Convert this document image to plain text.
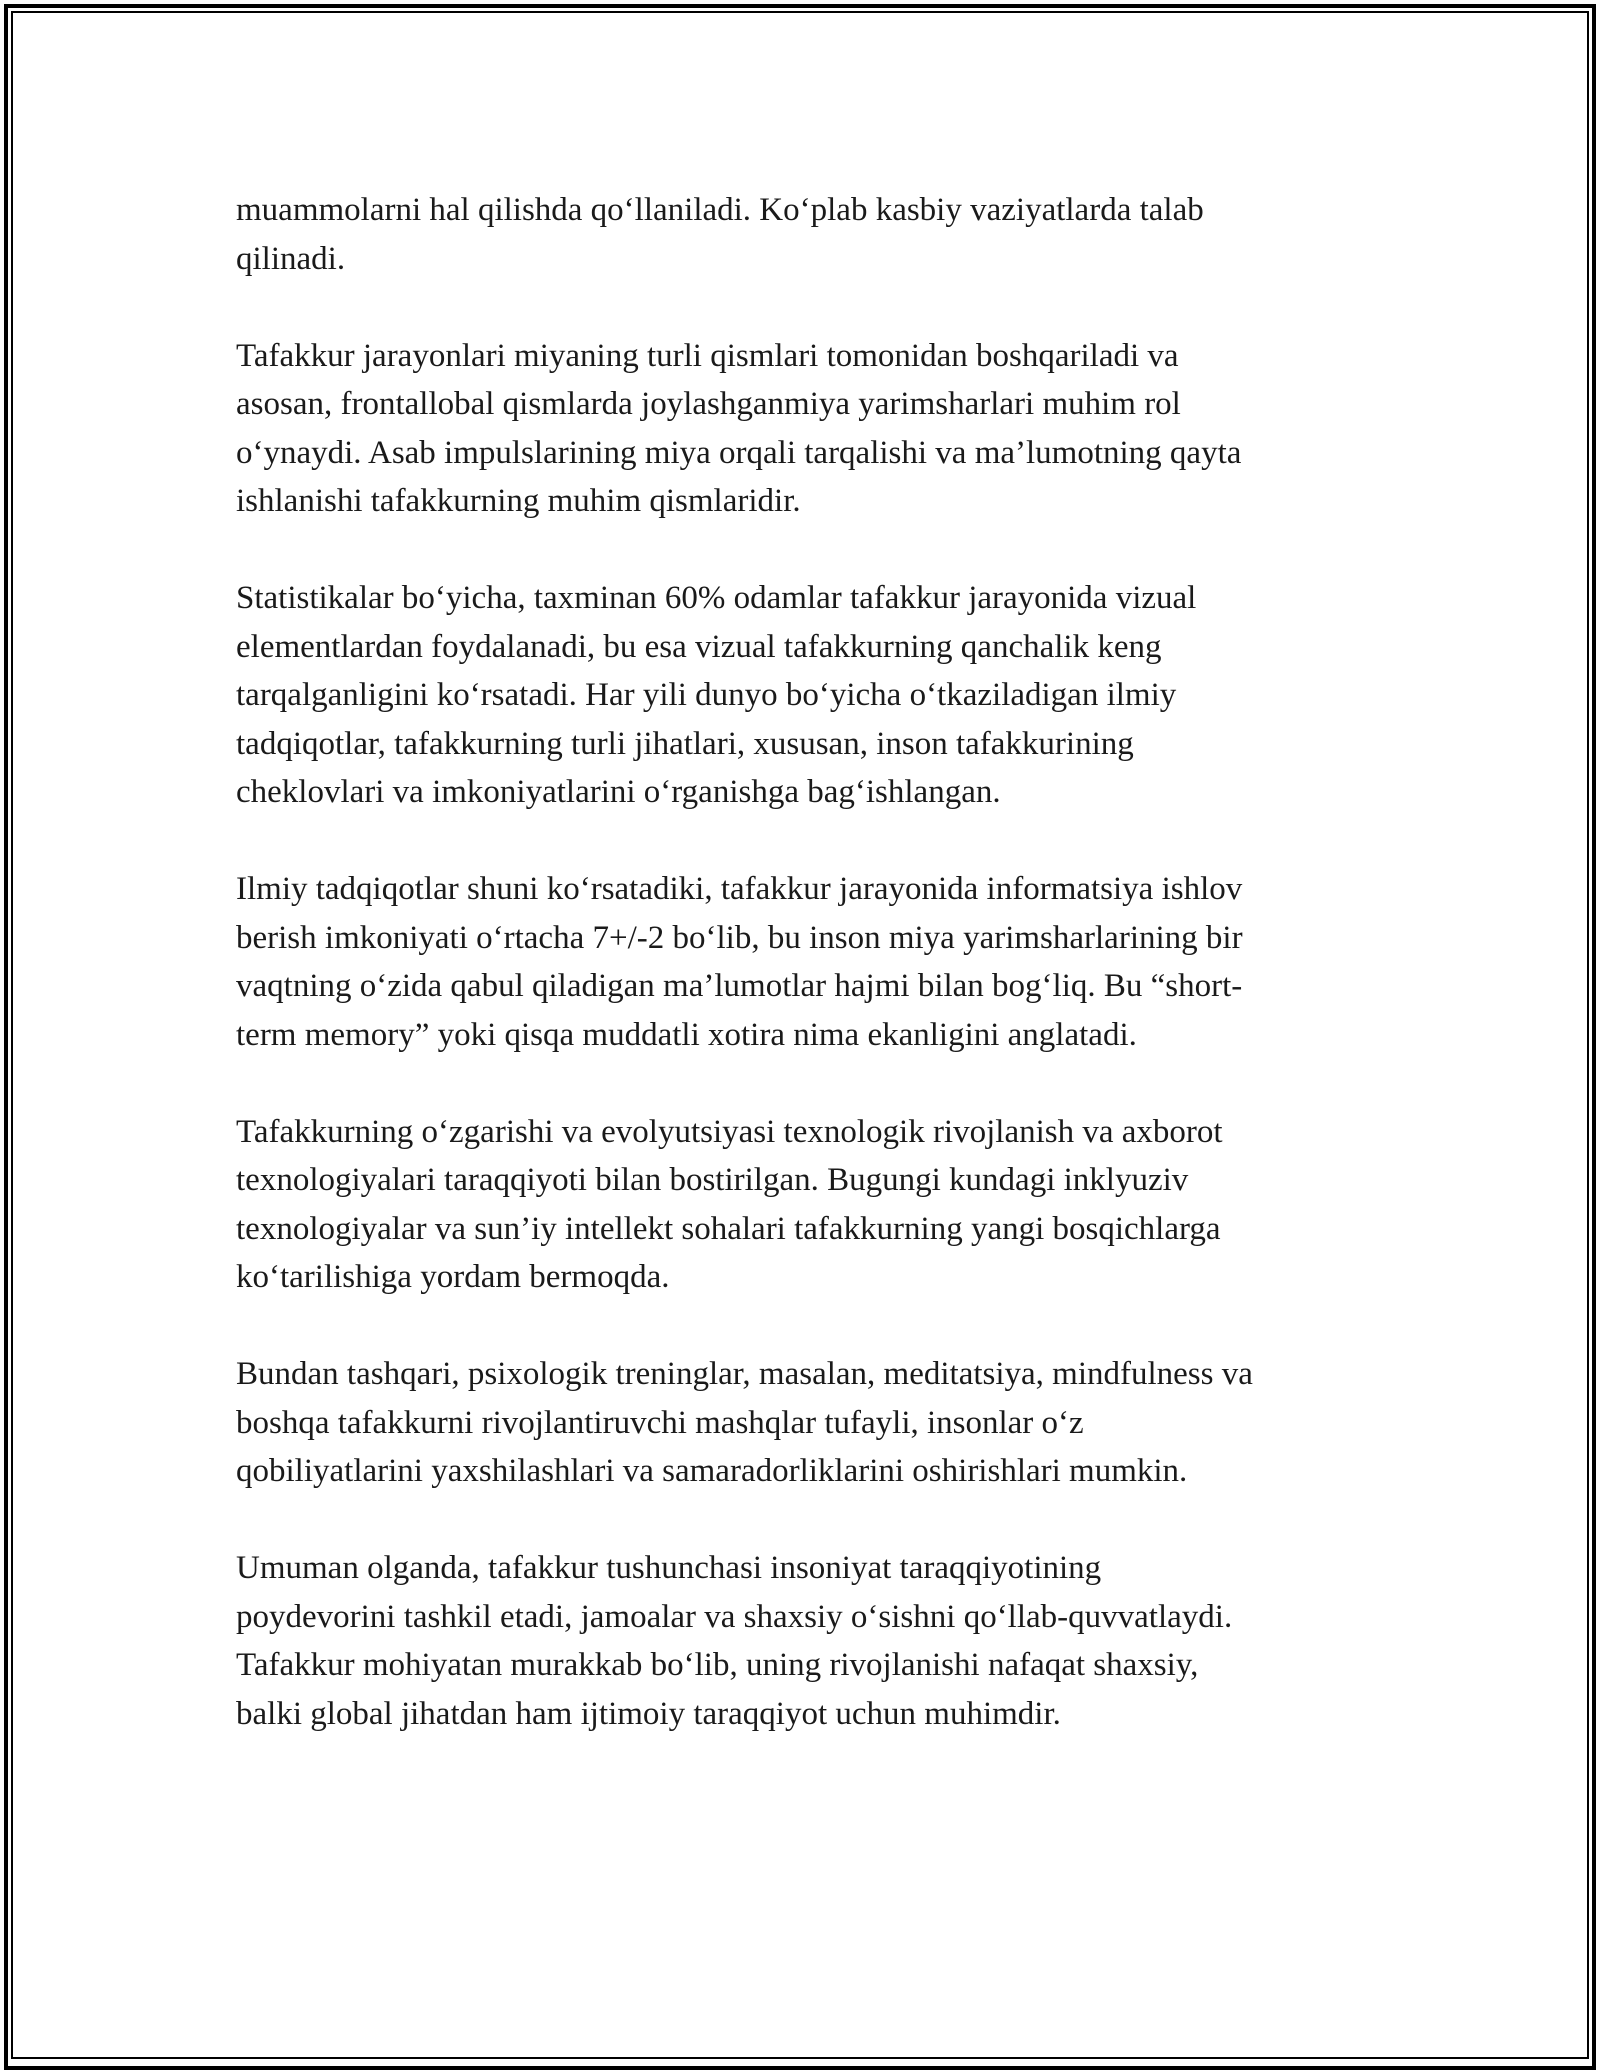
muammolarni hal qilishda qo‘llaniladi. Ko‘plab kasbiy vaziyatlarda talab
qilinadi.

Tafakkur jarayonlari miyaning turli qismlari tomonidan boshqariladi va
asosan, frontallobal qismlarda joylashganmiya yarimsharlari muhim rol
o‘ynaydi. Asab impulslarining miya orqali tarqalishi va ma’lumotning qayta
ishlanishi tafakkurning muhim qismlaridir.

Statistikalar bo‘yicha, taxminan 60% odamlar tafakkur jarayonida vizual
elementlardan foydalanadi, bu esa vizual tafakkurning qanchalik keng
tarqalganligini ko‘rsatadi. Har yili dunyo bo‘yicha o‘tkaziladigan ilmiy
tadqiqotlar, tafakkurning turli jihatlari, xususan, inson tafakkurining
cheklovlari va imkoniyatlarini o‘rganishga bag‘ishlangan.

Ilmiy tadqiqotlar shuni ko‘rsatadiki, tafakkur jarayonida informatsiya ishlov
berish imkoniyati o‘rtacha 7+/-2 bo‘lib, bu inson miya yarimsharlarining bir
vaqtning o‘zida qabul qiladigan ma’lumotlar hajmi bilan bog‘liq. Bu “short-
term memory” yoki qisqa muddatli xotira nima ekanligini anglatadi.

Tafakkurning o‘zgarishi va evolyutsiyasi texnologik rivojlanish va axborot
texnologiyalari taraqqiyoti bilan bostirilgan. Bugungi kundagi inklyuziv
texnologiyalar va sun’iy intellekt sohalari tafakkurning yangi bosqichlarga
ko‘tarilishiga yordam bermoqda.

Bundan tashqari, psixologik treninglar, masalan, meditatsiya, mindfulness va
boshqa tafakkurni rivojlantiruvchi mashqlar tufayli, insonlar o‘z
qobiliyatlarini yaxshilashlari va samaradorliklarini oshirishlari mumkin.

Umuman olganda, tafakkur tushunchasi insoniyat taraqqiyotining
poydevorini tashkil etadi, jamoalar va shaxsiy o‘sishni qo‘llab-quvvatlaydi.
Tafakkur mohiyatan murakkab bo‘lib, uning rivojlanishi nafaqat shaxsiy,
balki global jihatdan ham ijtimoiy taraqqiyot uchun muhimdir.
